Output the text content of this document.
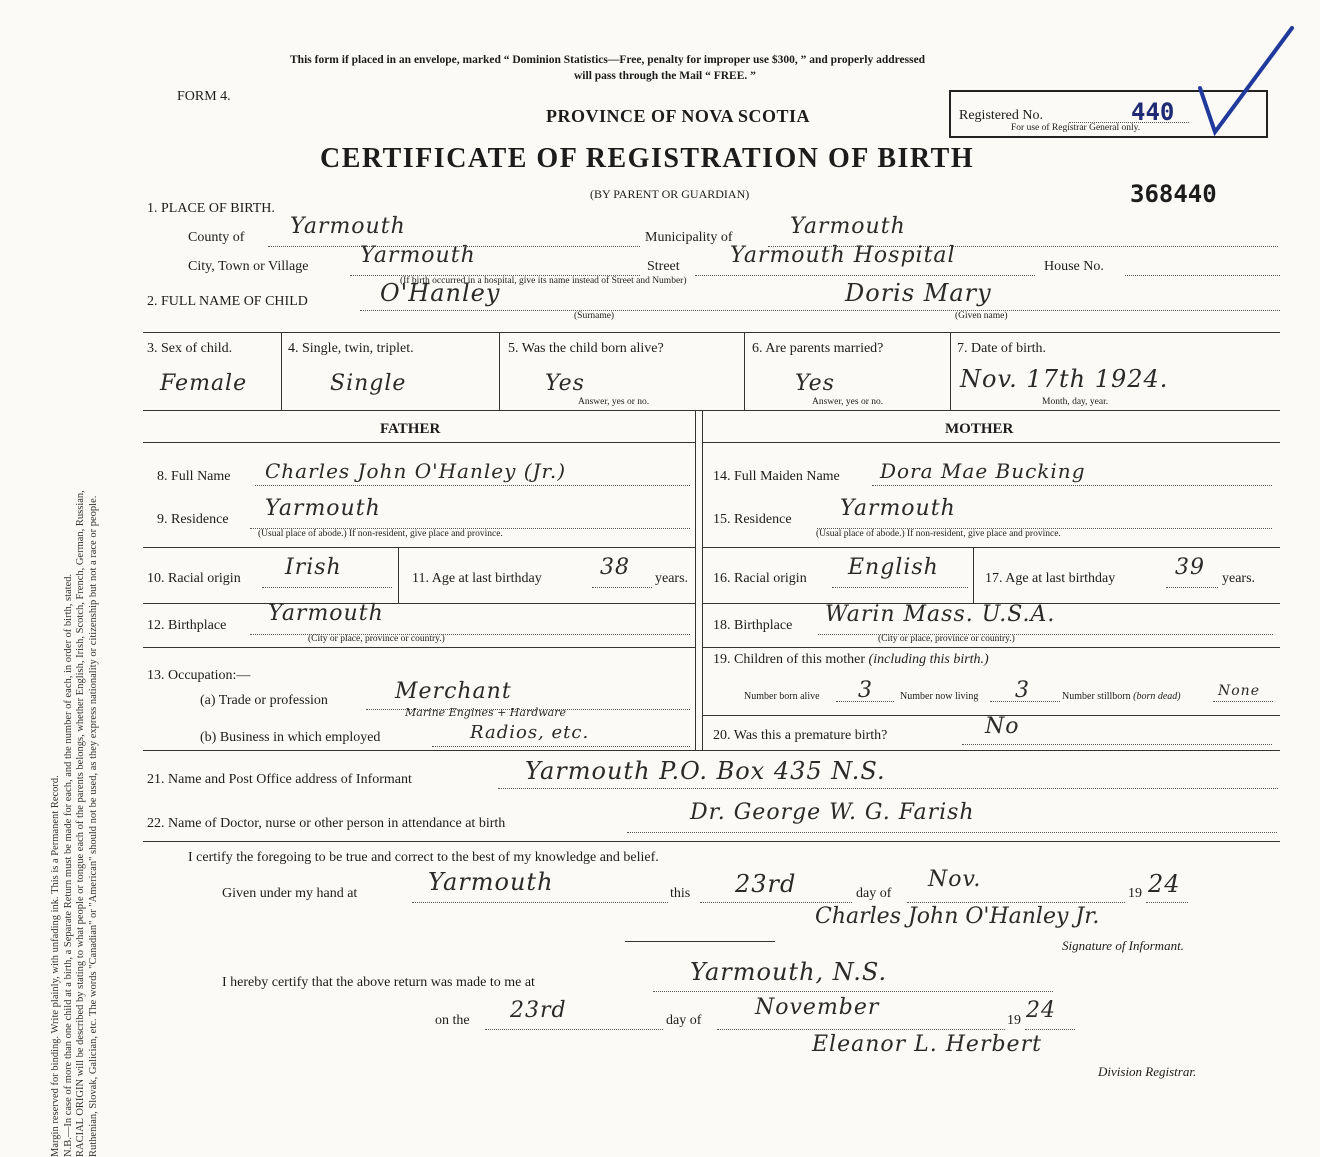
Margin reserved for binding. Write plainly, with unfading ink. This is a Permanent Record. N.B.—In case of more than one child at a birth, a Separate Return must be made for each, and the number of each, in order of birth, stated. RACIAL ORIGIN will be described by stating to what people or tongue each of the parents belongs, whether English, Irish, Scotch, French, German, Russian, Ruthenian, Slovak, Galician, etc. The words "Canadian" or "American" should not be used, as they express nationality or citizenship but not a race or people.
This form if placed in an envelope, marked “ Dominion Statistics—Free, penalty for improper use $300, ” and properly addressed
will pass through the Mail “ FREE. ”
FORM 4.
PROVINCE OF NOVA SCOTIA	Registered No.	440
For use of Registrar General only.
CERTIFICATE OF REGISTRATION OF BIRTH
(BY PARENT OR GUARDIAN)	368440
1. PLACE OF BIRTH.
County of Yarmouth	Municipality of	Yarmouth
City, Town or Village Yarmouth	Street Yarmouth Hospital	House No.
(If birth occurred in a hospital, give its name instead of Street and Number)
2. FULL NAME OF CHILD	O'Hanley
(Surname)
Doris Mary
(Given name)
3. Sex of child.
Female
4. Single, twin, triplet.
Single
5. Was the child born alive?
Yes
Answer, yes or no.
6. Are parents married?
Yes
Answer, yes or no.
7. Date of birth.
Nov. 17th 1924.
Month, day, year.
FATHER	MOTHER
8. Full Name Charles John O'Hanley (Jr.)
9. Residence Yarmouth
(Usual place of abode.) If non-resident, give place and province.
10. Racial origin Irish	11. Age at last birthday	38 years.
12. Birthplace Yarmouth
(City or place, province or country.)
13. Occupation:—
(a) Trade or profession	Merchant
Marine Engines + Hardware
(b) Business in which employed	Radios, etc.
14. Full Maiden Name Dora Mae Bucking
15. Residence Yarmouth
(Usual place of abode.) If non-resident, give place and province.
16. Racial origin English	17. Age at last birthday	39 years.
18. Birthplace Warin Mass. U.S.A.
(City or place, province or country.)
19. Children of this mother (including this birth.)
Number born alive 3	Number now living 3	Number stillborn (born dead)	None
20. Was this a premature birth?	No
21. Name and Post Office address of Informant	Yarmouth P.O. Box 435 N.S.
22. Name of Doctor, nurse or other person in attendance at birth	Dr. George W. G. Farish
I certify the foregoing to be true and correct to the best of my knowledge and belief.
Given under my hand at	Yarmouth	this 23rd	day of
Nov.
19 24
Charles John O'Hanley Jr.
Signature of Informant.
I hereby certify that the above return was made to me at	Yarmouth, N.S.
on the 23rd	day of
November
19 24
Eleanor L. Herbert
Division Registrar.
